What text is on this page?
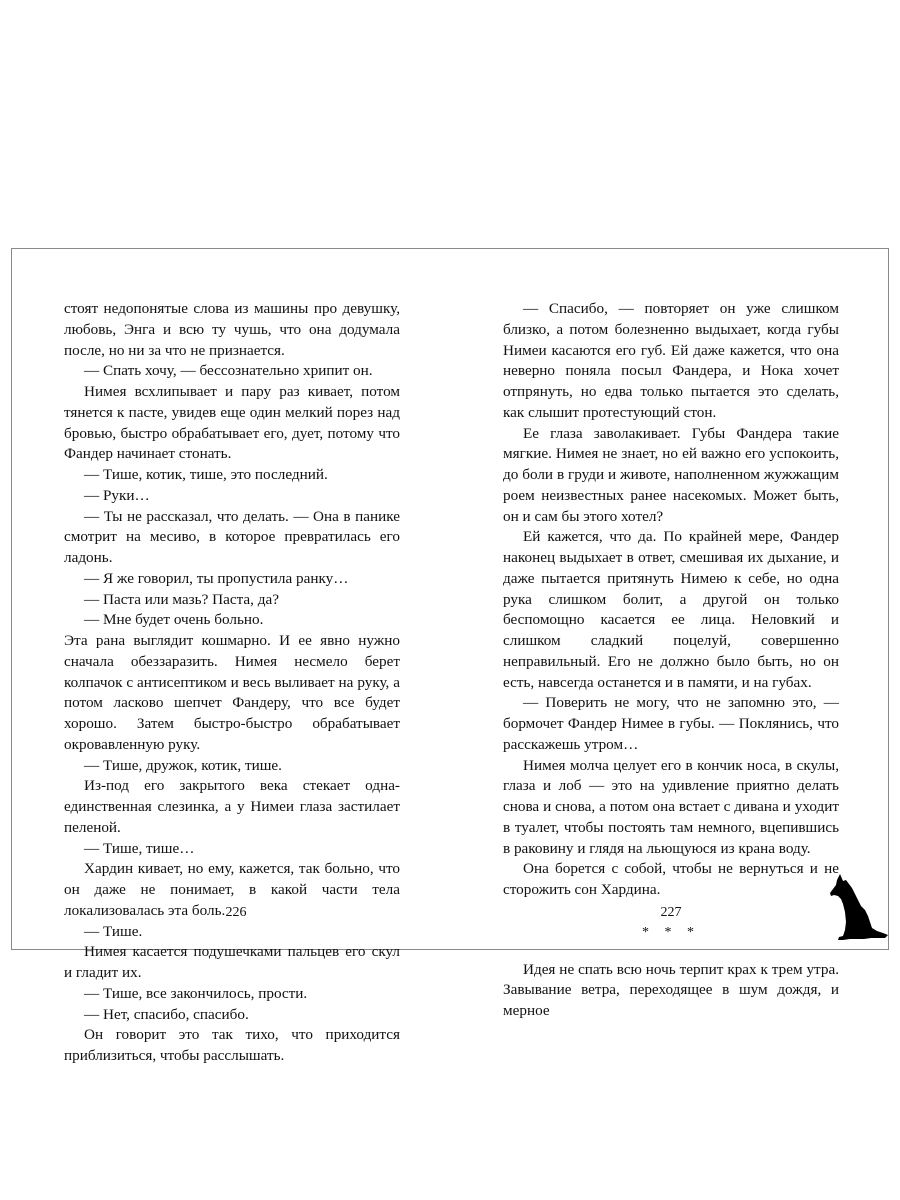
стоят недопонятые слова из машины про девушку, любовь, Энга и всю ту чушь, что она додумала после, но ни за что не признается.

— Спать хочу, — бессознательно хрипит он.

Нимея всхлипывает и пару раз кивает, потом тянется к пасте, увидев еще один мелкий порез над бровью, быстро обрабатывает его, дует, потому что Фандер начинает стонать.

— Тише, котик, тише, это последний.

— Руки…

— Ты не рассказал, что делать. — Она в панике смотрит на месиво, в которое превратилась его ладонь.

— Я же говорил, ты пропустила ранку…

— Паста или мазь? Паста, да?

— Мне будет очень больно.

Эта рана выглядит кошмарно. И ее явно нужно сначала обеззаразить. Нимея несмело берет колпачок с антисептиком и весь выливает на руку, а потом ласково шепчет Фандеру, что все будет хорошо. Затем быстро-быстро обрабатывает окровавленную руку.

— Тише, дружок, котик, тише.

Из-под его закрытого века стекает одна-единственная слезинка, а у Нимеи глаза застилает пеленой.

— Тише, тише…

Хардин кивает, но ему, кажется, так больно, что он даже не понимает, в какой части тела локализовалась эта боль.

— Тише.

Нимея касается подушечками пальцев его скул и гладит их.

— Тише, все закончилось, прости.

— Нет, спасибо, спасибо.

Он говорит это так тихо, что приходится приблизиться, чтобы расслышать.

— Спасибо, — повторяет он уже слишком близко, а потом болезненно выдыхает, когда губы Нимеи касаются его губ. Ей даже кажется, что она неверно поняла посыл Фандера, и Нока хочет отпрянуть, но едва только пытается это сделать, как слышит протестующий стон.

Ее глаза заволакивает. Губы Фандера такие мягкие. Нимея не знает, но ей важно его успокоить, до боли в груди и животе, наполненном жужжащим роем неизвестных ранее насекомых. Может быть, он и сам бы этого хотел?

Ей кажется, что да. По крайней мере, Фандер наконец выдыхает в ответ, смешивая их дыхание, и даже пытается притянуть Нимею к себе, но одна рука слишком болит, а другой он только беспомощно касается ее лица. Неловкий и слишком сладкий поцелуй, совершенно неправильный. Его не должно было быть, но он есть, навсегда останется и в памяти, и на губах.

— Поверить не могу, что не запомню это, — бормочет Фандер Нимее в губы. — Поклянись, что расскажешь утром…

Нимея молча целует его в кончик носа, в скулы, глаза и лоб — это на удивление приятно делать снова и снова, а потом она встает с дивана и уходит в туалет, чтобы постоять там немного, вцепившись в раковину и глядя на льющуюся из крана воду.

Она борется с собой, чтобы не вернуться и не сторожить сон Хардина.

* * *

Идея не спать всю ночь терпит крах к трем утра. Завывание ветра, переходящее в шум дождя, и мерное

226	227
